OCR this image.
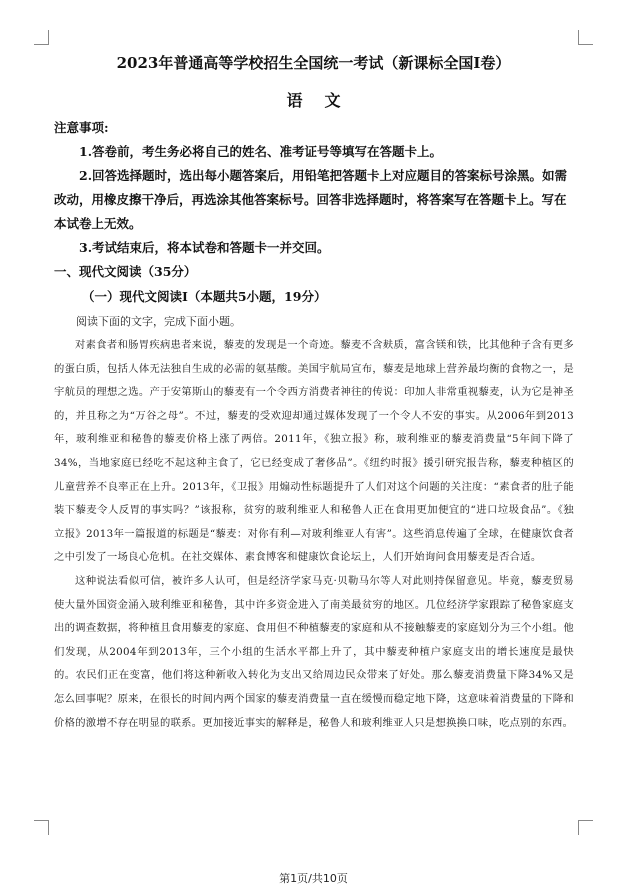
2023年普通高等学校招生全国统一考试（新课标全国Ⅰ卷）
语文

注意事项:

1.答卷前，考生务必将自己的姓名、准考证号等填写在答题卡上。

2.回答选择题时，选出每小题答案后，用铅笔把答题卡上对应题目的答案标号涂黑。如需改动，用橡皮擦干净后，再选涂其他答案标号。回答非选择题时，将答案写在答题卡上。写在本试卷上无效。

3.考试结束后，将本试卷和答题卡一并交回。

一、现代文阅读（35分）

（一）现代文阅读Ⅰ（本题共5小题，19分）

阅读下面的文字，完成下面小题。

对素食者和肠胃疾病患者来说，藜麦的发现是一个奇迹。藜麦不含麸质，富含镁和铁，比其他种子含有更多的蛋白质，包括人体无法独自生成的必需的氨基酸。美国宇航局宣布，藜麦是地球上营养最均衡的食物之一，是宇航员的理想之选。产于安第斯山的藜麦有一个令西方消费者神往的传说：印加人非常重视藜麦，认为它是神圣的，并且称之为“万谷之母”。不过，藜麦的受欢迎却通过媒体发现了一个令人不安的事实。从2006年到2013年，玻利维亚和秘鲁的藜麦价格上涨了两倍。2011年，《独立报》称，玻利维亚的藜麦消费量“5年间下降了34%，当地家庭已经吃不起这种主食了，它已经变成了奢侈品”。《纽约时报》援引研究报告称，藜麦种植区的儿童营养不良率正在上升。2013年，《卫报》用煽动性标题提升了人们对这个问题的关注度：“素食者的肚子能装下藜麦令人反胃的事实吗？”该报称，贫穷的玻利维亚人和秘鲁人正在食用更加便宜的“进口垃圾食品”。《独立报》2013年一篇报道的标题是“藜麦：对你有利—对玻利维亚人有害”。这些消息传遍了全球，在健康饮食者之中引发了一场良心危机。在社交媒体、素食博客和健康饮食论坛上，人们开始询问食用藜麦是否合适。

这种说法看似可信，被许多人认可，但是经济学家马克·贝勒马尔等人对此则持保留意见。毕竟，藜麦贸易使大量外国资金涌入玻利维亚和秘鲁，其中许多资金进入了南美最贫穷的地区。几位经济学家跟踪了秘鲁家庭支出的调查数据，将种植且食用藜麦的家庭、食用但不种植藜麦的家庭和从不接触藜麦的家庭划分为三个小组。他们发现，从2004年到2013年，三个小组的生活水平都上升了，其中藜麦种植户家庭支出的增长速度是最快的。农民们正在变富，他们将这种新收入转化为支出又给周边民众带来了好处。那么藜麦消费量下降34%又是怎么回事呢？原来，在很长的时间内两个国家的藜麦消费量一直在缓慢而稳定地下降，这意味着消费量的下降和价格的激增不存在明显的联系。更加接近事实的解释是，秘鲁人和玻利维亚人只是想换换口味，吃点别的东西。

第1页/共10页
